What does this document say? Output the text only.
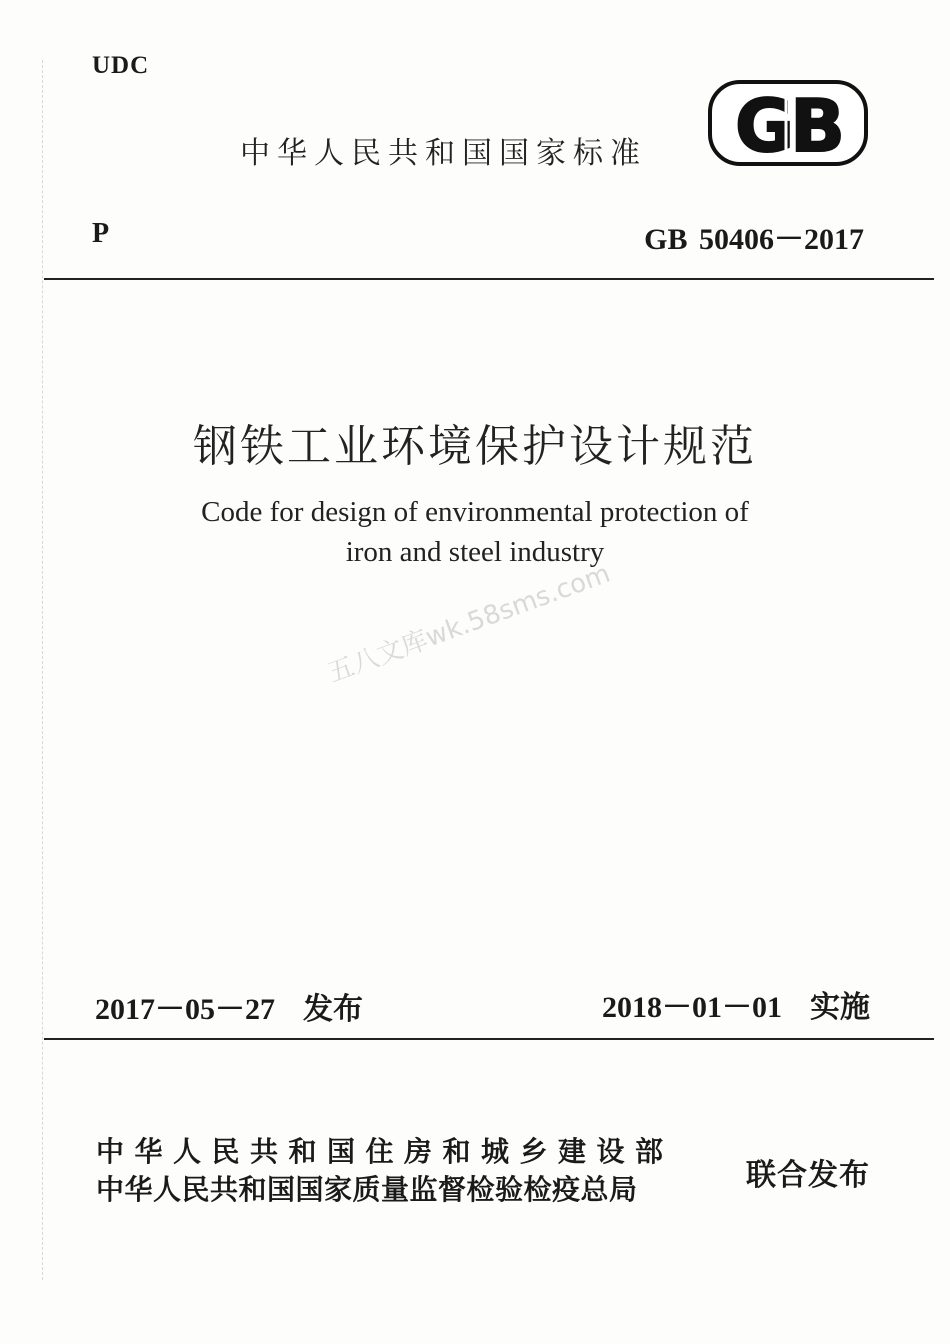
UDC
中华人民共和国国家标准 GB
P	GB 50406－2017
钢铁工业环境保护设计规范
Code for design of environmental protection of
iron and steel industry
五八文库wk.58sms.com
2017－05－27 发布	2018－01－01 实施
中华人民共和国住房和城乡建设部
中华人民共和国国家质量监督检验检疫总局	联合发布
